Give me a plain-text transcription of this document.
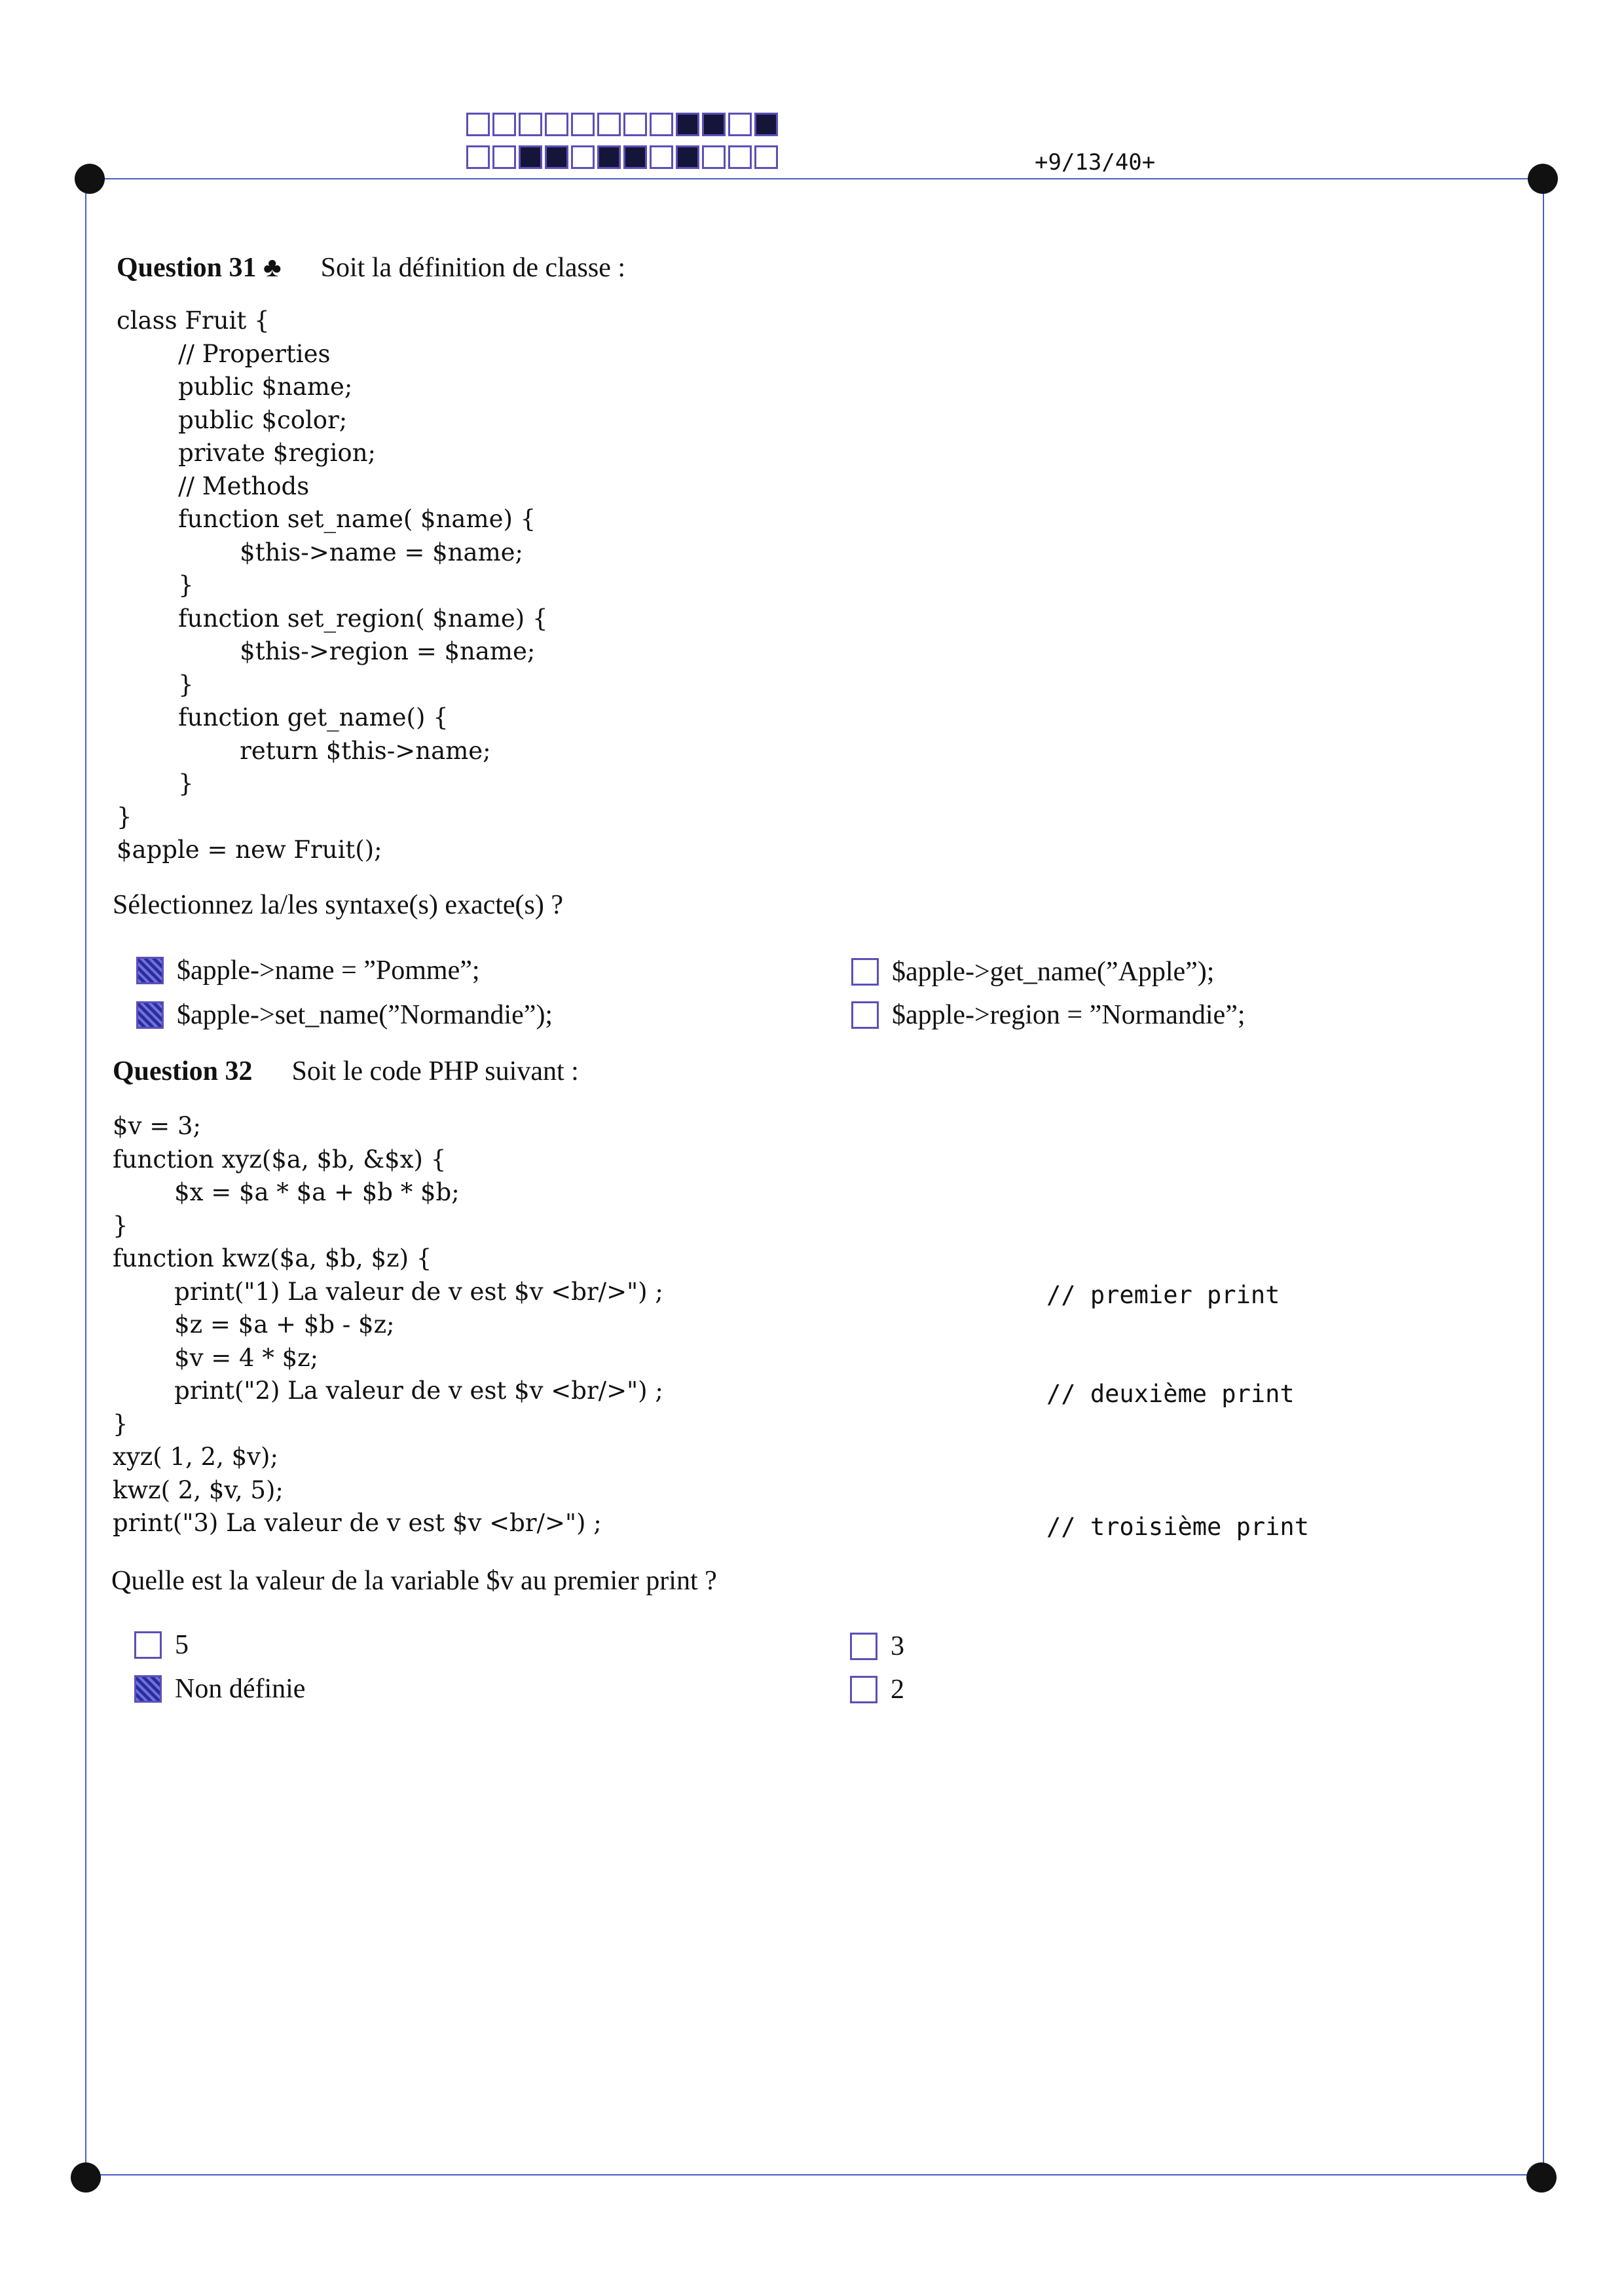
+9/13/40+
Question 31 ♣ Soit la définition de classe :
class Fruit {
// Properties
public $name;
public $color;
private $region;
// Methods
function set_name( $name) {
$this->name = $name;
}
function set_region( $name) {
$this->region = $name;
}
function get_name() {
return $this->name;
}
}
$apple = new Fruit();
Sélectionnez la/les syntaxe(s) exacte(s) ?
$apple->name = ”Pomme”;
$apple->set_name(”Normandie”);
$apple->get_name(”Apple”);
$apple->region = ”Normandie”;
Question 32 Soit le code PHP suivant :
$v = 3;
function xyz($a, $b, &$x) {
$x = $a * $a + $b * $b;
}
function kwz($a, $b, $z) {
print("1) La valeur de v est $v <br/>") ;
$z = $a + $b - $z;
$v = 4 * $z;
print("2) La valeur de v est $v <br/>") ;
}
xyz( 1, 2, $v);
kwz( 2, $v, 5);
print("3) La valeur de v est $v <br/>") ;
// premier print
// deuxième print
// troisième print
Quelle est la valeur de la variable $v au premier print ?
5
Non définie
3
2
